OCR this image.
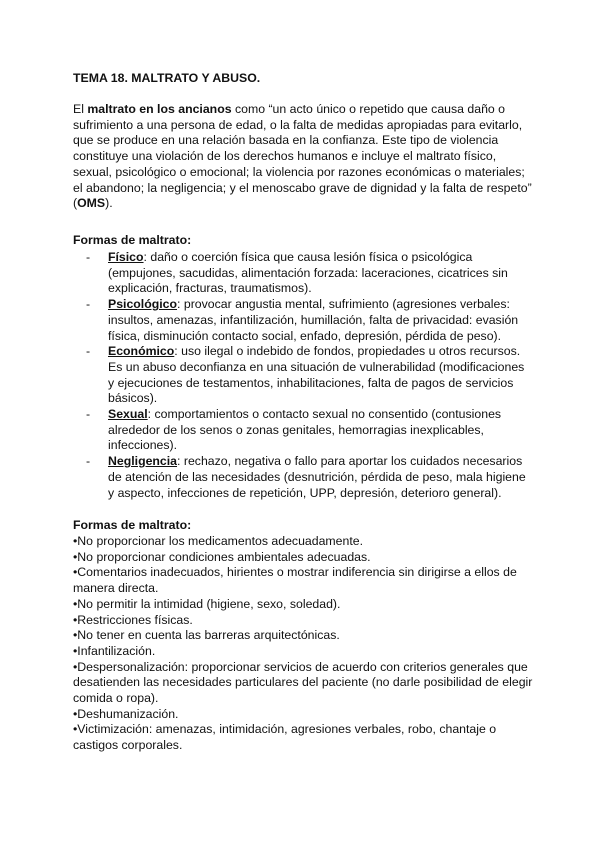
TEMA 18. MALTRATO Y ABUSO.

El maltrato en los ancianos como “un acto único o repetido que causa daño o sufrimiento a una persona de edad, o la falta de medidas apropiadas para evitarlo, que se produce en una relación basada en la confianza. Este tipo de violencia constituye una violación de los derechos humanos e incluye el maltrato físico, sexual, psicológico o emocional; la violencia por razones económicas o materiales; el abandono; la negligencia; y el menoscabo grave de dignidad y la falta de respeto” (OMS).

Formas de maltrato:
- Físico: daño o coerción física que causa lesión física o psicológica (empujones, sacudidas, alimentación forzada: laceraciones, cicatrices sin explicación, fracturas, traumatismos).
- Psicológico: provocar angustia mental, sufrimiento (agresiones verbales: insultos, amenazas, infantilización, humillación, falta de privacidad: evasión física, disminución contacto social, enfado, depresión, pérdida de peso).
- Económico: uso ilegal o indebido de fondos, propiedades u otros recursos. Es un abuso deconfianza en una situación de vulnerabilidad (modificaciones y ejecuciones de testamentos, inhabilitaciones, falta de pagos de servicios básicos).
- Sexual: comportamientos o contacto sexual no consentido (contusiones alrededor de los senos o zonas genitales, hemorragias inexplicables, infecciones).
- Negligencia: rechazo, negativa o fallo para aportar los cuidados necesarios de atención de las necesidades (desnutrición, pérdida de peso, mala higiene y aspecto, infecciones de repetición, UPP, depresión, deterioro general).
Formas de maltrato:
•No proporcionar los medicamentos adecuadamente.
•No proporcionar condiciones ambientales adecuadas.
•Comentarios inadecuados, hirientes o mostrar indiferencia sin dirigirse a ellos de manera directa.
•No permitir la intimidad (higiene, sexo, soledad).
•Restricciones físicas.
•No tener en cuenta las barreras arquitectónicas.
•Infantilización.
•Despersonalización: proporcionar servicios de acuerdo con criterios generales que desatienden las necesidades particulares del paciente (no darle posibilidad de elegir comida o ropa).
•Deshumanización.
•Victimización: amenazas, intimidación, agresiones verbales, robo, chantaje o castigos corporales.
